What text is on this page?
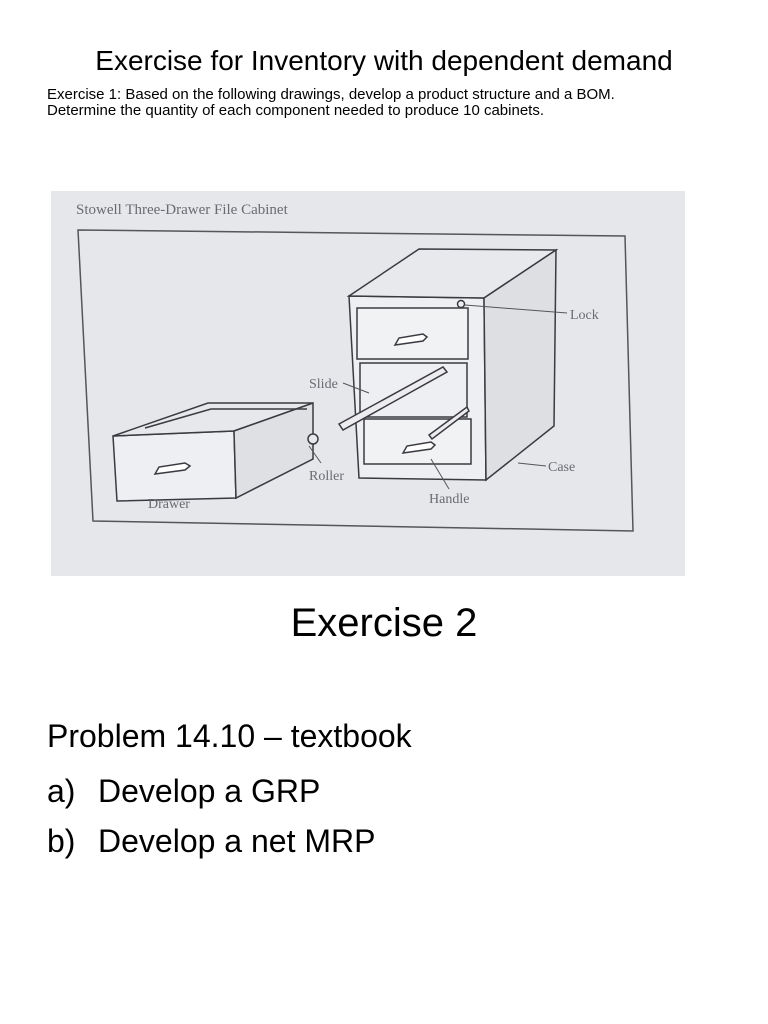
Exercise for Inventory with dependent demand
Exercise 1: Based on the following drawings, develop a product structure and a BOM.
Determine the quantity of each component needed to produce 10 cabinets.
Stowell Three-Drawer File Cabinet
Lock
Slide
Case
Roller
Handle
Drawer
Exercise 2
Problem 14.10 – textbook
a) Develop a GRP
b) Develop a net MRP
